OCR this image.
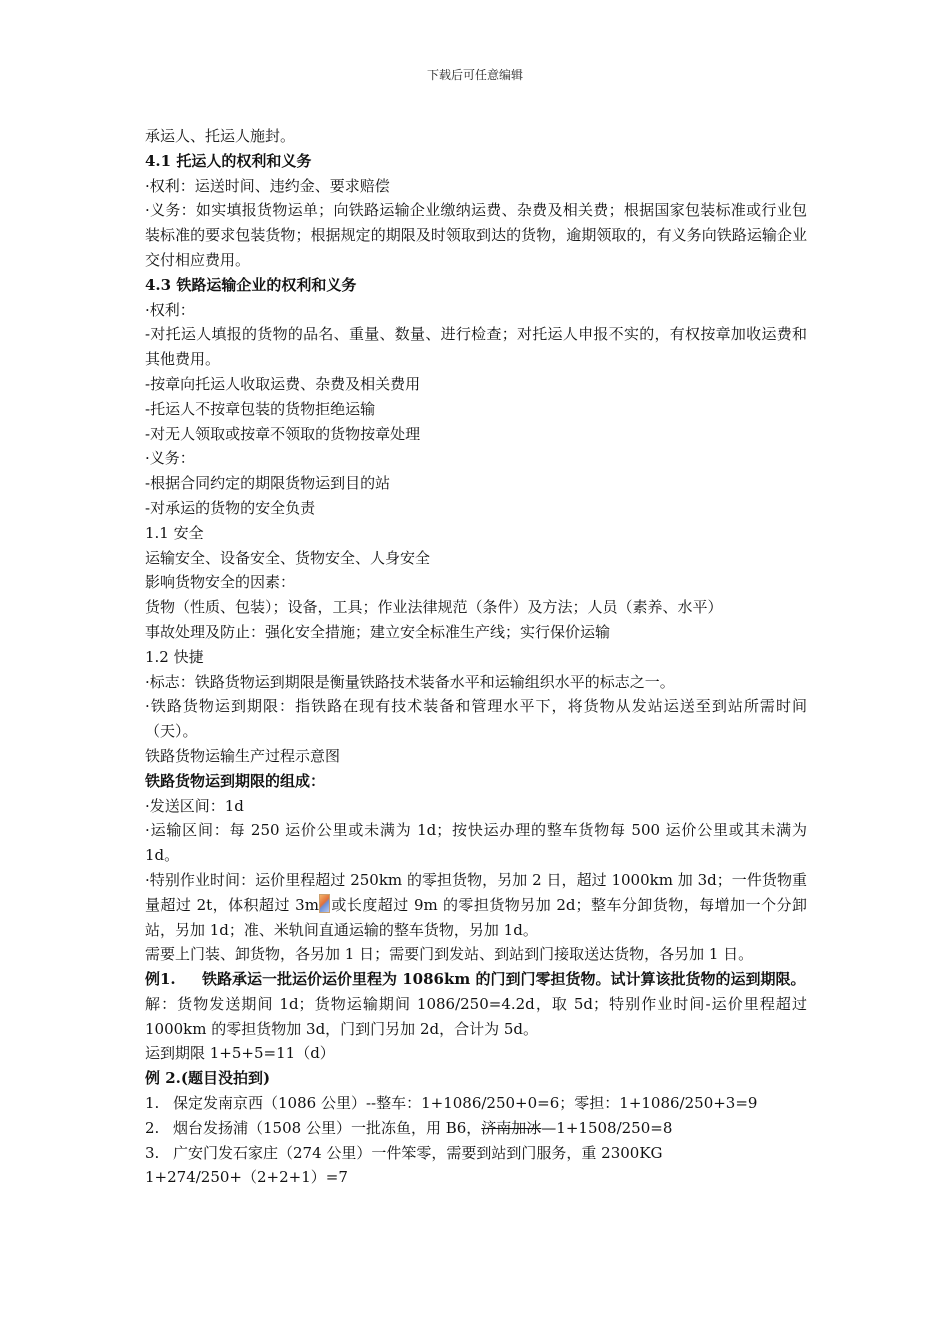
下载后可任意编辑
承运人、托运人施封。
4.1 托运人的权利和义务
·权利：运送时间、违约金、要求赔偿
·义务：如实填报货物运单；向铁路运输企业缴纳运费、杂费及相关费；根据国家包装标准或行业包装标准的要求包装货物；根据规定的期限及时领取到达的货物，逾期领取的，有义务向铁路运输企业交付相应费用。
4.3 铁路运输企业的权利和义务
·权利：
-对托运人填报的货物的品名、重量、数量、进行检查；对托运人申报不实的，有权按章加收运费和其他费用。
-按章向托运人收取运费、杂费及相关费用
-托运人不按章包装的货物拒绝运输
-对无人领取或按章不领取的货物按章处理
·义务：
-根据合同约定的期限货物运到目的站
-对承运的货物的安全负责
1.1 安全
运输安全、设备安全、货物安全、人身安全
影响货物安全的因素：
货物（性质、包装）；设备，工具；作业法律规范（条件）及方法；人员（素养、水平）
事故处理及防止：强化安全措施；建立安全标准生产线；实行保价运输
1.2 快捷
·标志：铁路货物运到期限是衡量铁路技术装备水平和运输组织水平的标志之一。
·铁路货物运到期限：指铁路在现有技术装备和管理水平下，将货物从发站运送至到站所需时间（天）。
铁路货物运输生产过程示意图
铁路货物运到期限的组成：
·发送区间：1d
·运输区间：每 250 运价公里或未满为 1d；按快运办理的整车货物每 500 运价公里或其未满为 1d。
·特别作业时间：运价里程超过 250km 的零担货物，另加 2 日，超过 1000km 加 3d；一件货物重量超过 2t，体积超过 3m 或长度超过 9m 的零担货物另加 2d；整车分卸货物，每增加一个分卸站，另加 1d；准、米轨间直通运输的整车货物，另加 1d。
需要上门装、卸货物，各另加 1 日；需要门到发站、到站到门接取送达货物，各另加 1 日。
例1.	铁路承运一批运价运价里程为 1086km 的门到门零担货物。试计算该批货物的运到期限。
解：货物发送期间 1d；货物运输期间 1086/250=4.2d，取 5d；特别作业时间-运价里程超过1000km 的零担货物加 3d，门到门另加 2d，合计为 5d。
运到期限 1+5+5=11（d）
例 2.(题目没拍到)
1. 保定发南京西（1086 公里）--整车：1+1086/250+0=6；零担：1+1086/250+3=9
2. 烟台发扬浦（1508 公里）一批冻鱼，用 B6，济南加冰—1+1508/250=8
3. 广安门发石家庄（274 公里）一件笨零，需要到站到门服务，重 2300KG
1+274/250+（2+2+1）=7
